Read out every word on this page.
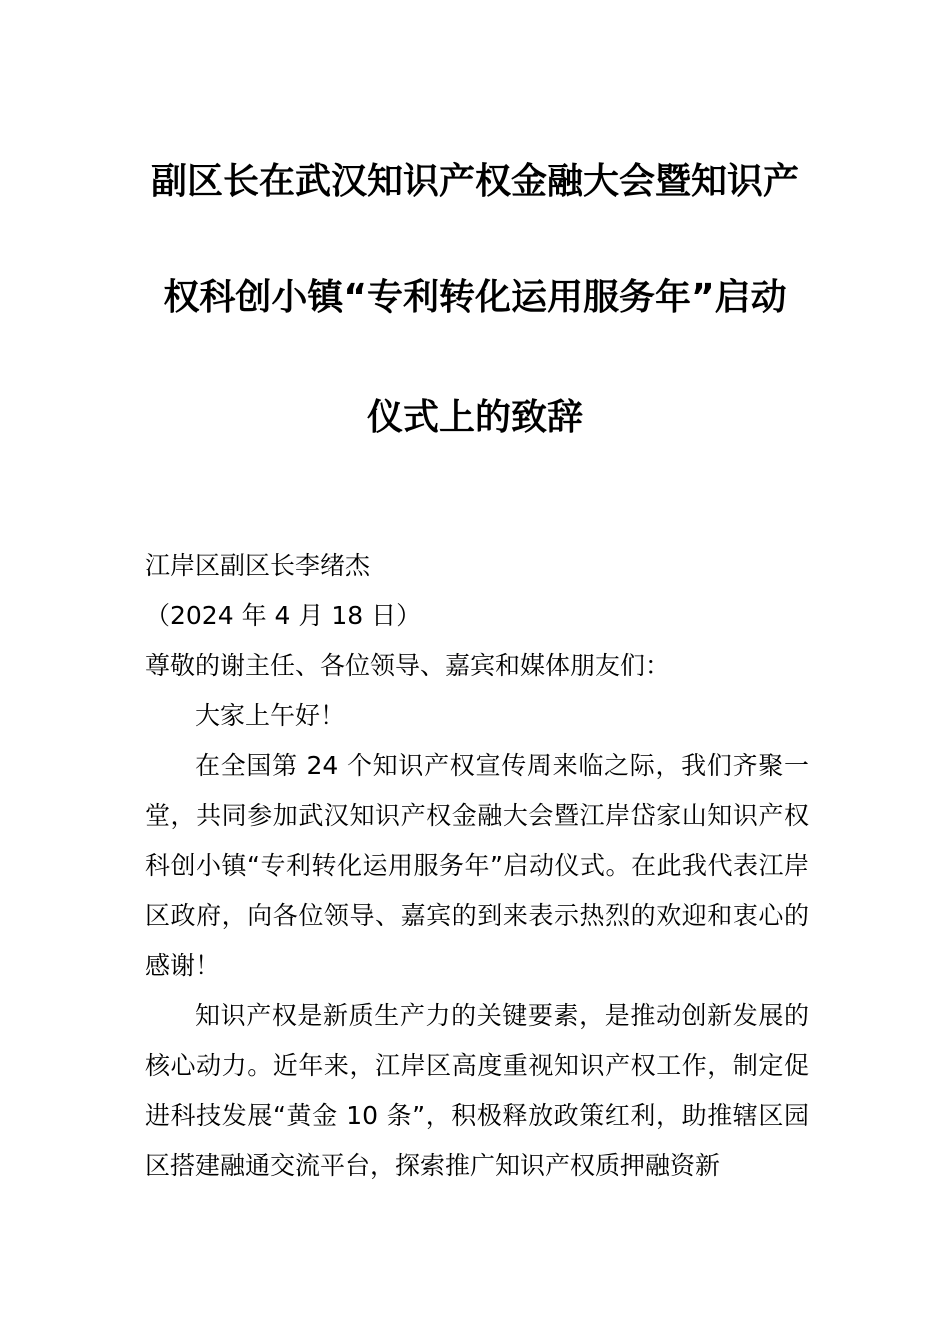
副区长在武汉知识产权金融大会暨知识产
权科创小镇“专利转化运用服务年”启动
仪式上的致辞

江岸区副区长李绪杰

（2024 年 4 月 18 日）

尊敬的谢主任、各位领导、嘉宾和媒体朋友们：

大家上午好！

在全国第 24 个知识产权宣传周来临之际，我们齐聚一堂，共同参加武汉知识产权金融大会暨江岸岱家山知识产权科创小镇“专利转化运用服务年”启动仪式。在此我代表江岸区政府，向各位领导、嘉宾的到来表示热烈的欢迎和衷心的感谢！

知识产权是新质生产力的关键要素，是推动创新发展的核心动力。近年来，江岸区高度重视知识产权工作，制定促进科技发展“黄金 10 条”，积极释放政策红利，助推辖区园区搭建融通交流平台，探索推广知识产权质押融资新
